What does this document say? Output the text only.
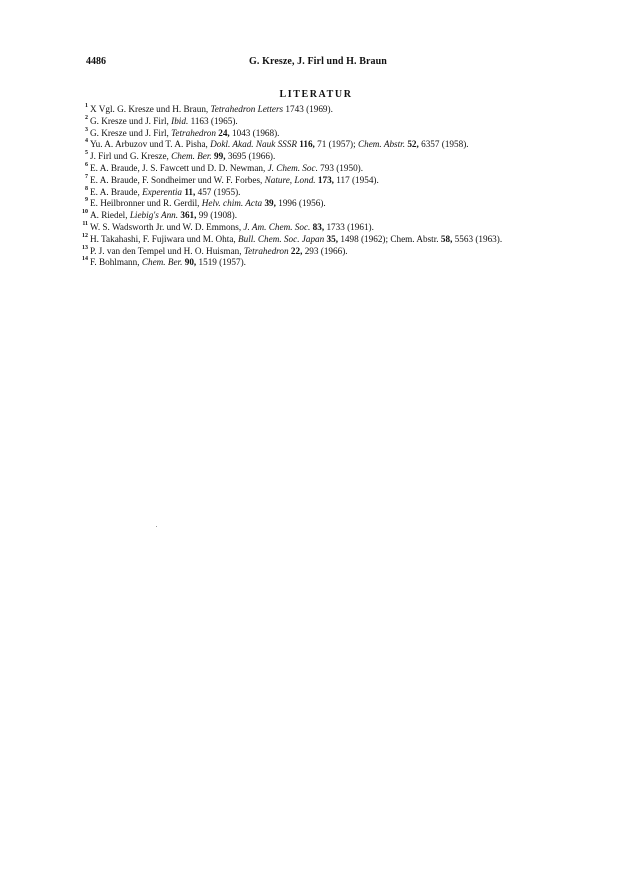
4486	G. Kresze, J. Firl und H. Braun
LITERATUR

1 X Vgl. G. Kresze und H. Braun, Tetrahedron Letters 1743 (1969).

2 G. Kresze und J. Firl, Ibid. 1163 (1965).

3 G. Kresze und J. Firl, Tetrahedron 24, 1043 (1968).

4 Yu. A. Arbuzov und T. A. Pisha, Dokl. Akad. Nauk SSSR 116, 71 (1957); Chem. Abstr. 52, 6357 (1958).

5 J. Firl und G. Kresze, Chem. Ber. 99, 3695 (1966).

6 E. A. Braude, J. S. Fawcett und D. D. Newman, J. Chem. Soc. 793 (1950).

7 E. A. Braude, F. Sondheimer und W. F. Forbes, Nature, Lond. 173, 117 (1954).

8 E. A. Braude, Experentia 11, 457 (1955).

9 E. Heilbronner und R. Gerdil, Helv. chim. Acta 39, 1996 (1956).

10 A. Riedel, Liebig's Ann. 361, 99 (1908).

11 W. S. Wadsworth Jr. und W. D. Emmons, J. Am. Chem. Soc. 83, 1733 (1961).

12 H. Takahashi, F. Fujiwara und M. Ohta, Bull. Chem. Soc. Japan 35, 1498 (1962); Chem. Abstr. 58, 5563 (1963).

13 P. J. van den Tempel und H. O. Huisman, Tetrahedron 22, 293 (1966).

14 F. Bohlmann, Chem. Ber. 90, 1519 (1957).
